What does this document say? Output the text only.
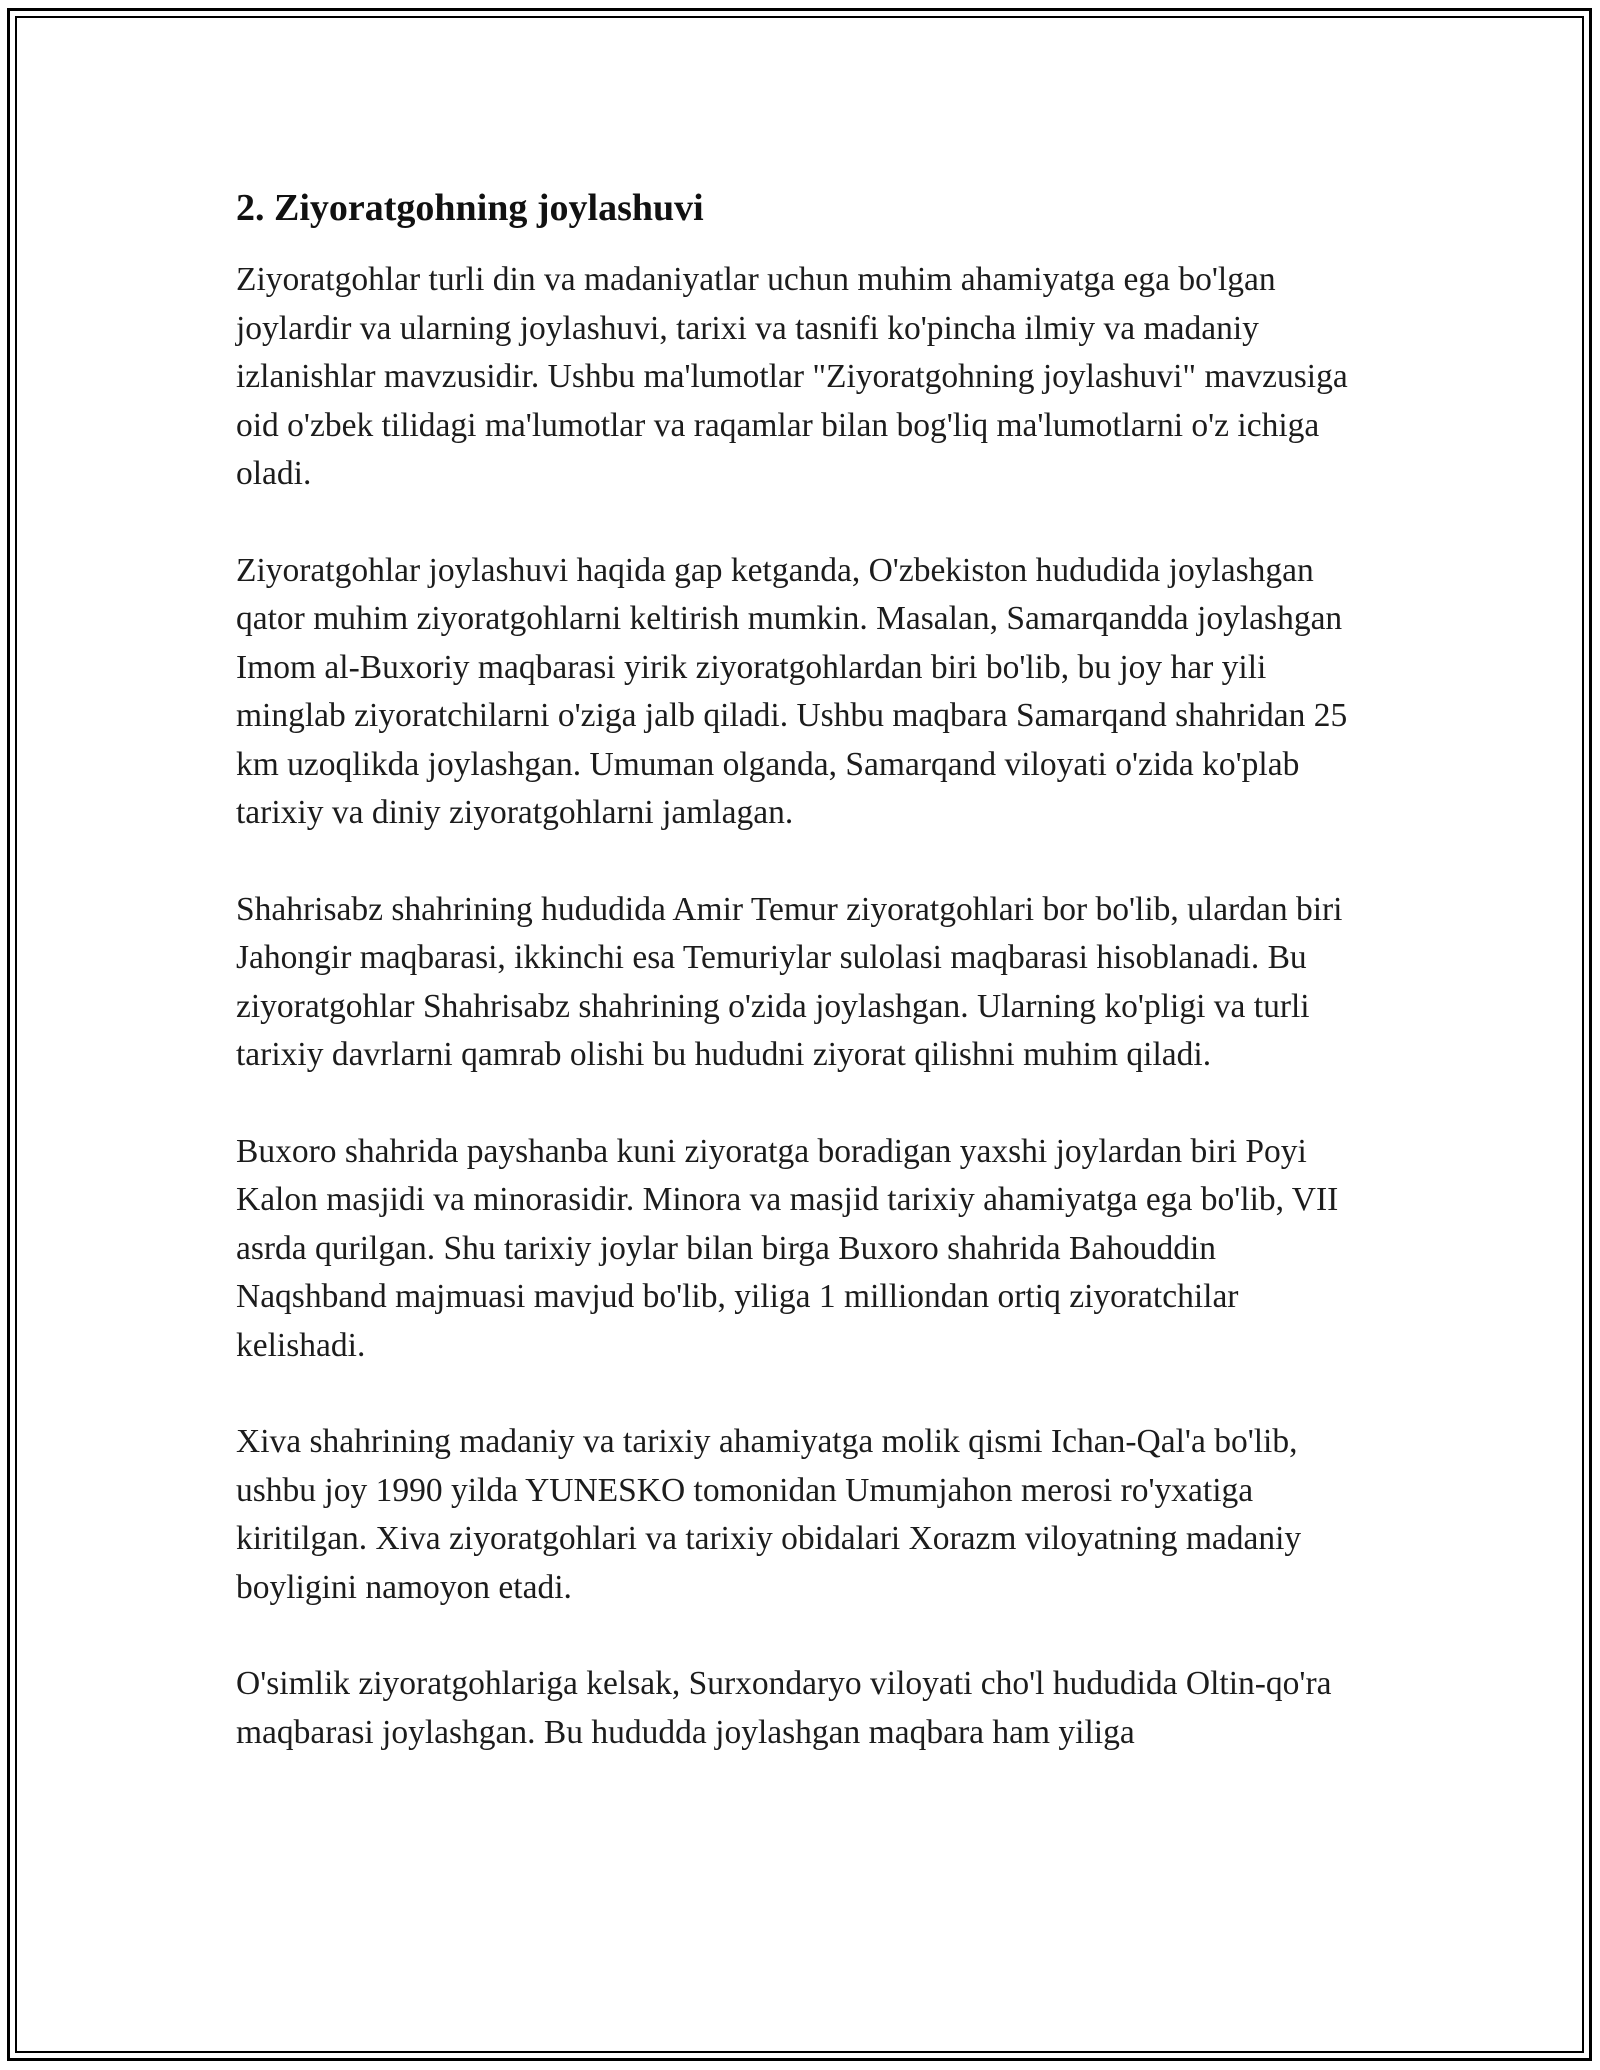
2. Ziyoratgohning joylashuvi

Ziyoratgohlar turli din va madaniyatlar uchun muhim ahamiyatga ega bo'lgan joylardir va ularning joylashuvi, tarixi va tasnifi ko'pincha ilmiy va madaniy izlanishlar mavzusidir. Ushbu ma'lumotlar "Ziyoratgohning joylashuvi" mavzusiga oid o'zbek tilidagi ma'lumotlar va raqamlar bilan bog'liq ma'lumotlarni o'z ichiga oladi.

Ziyoratgohlar joylashuvi haqida gap ketganda, O'zbekiston hududida joylashgan qator muhim ziyoratgohlarni keltirish mumkin. Masalan, Samarqandda joylashgan Imom al-Buxoriy maqbarasi yirik ziyoratgohlardan biri bo'lib, bu joy har yili minglab ziyoratchilarni o'ziga jalb qiladi. Ushbu maqbara Samarqand shahridan 25 km uzoqlikda joylashgan. Umuman olganda, Samarqand viloyati o'zida ko'plab tarixiy va diniy ziyoratgohlarni jamlagan.

Shahrisabz shahrining hududida Amir Temur ziyoratgohlari bor bo'lib, ulardan biri Jahongir maqbarasi, ikkinchi esa Temuriylar sulolasi maqbarasi hisoblanadi. Bu ziyoratgohlar Shahrisabz shahrining o'zida joylashgan. Ularning ko'pligi va turli tarixiy davrlarni qamrab olishi bu hududni ziyorat qilishni muhim qiladi.

Buxoro shahrida payshanba kuni ziyoratga boradigan yaxshi joylardan biri Poyi Kalon masjidi va minorasidir. Minora va masjid tarixiy ahamiyatga ega bo'lib, VII asrda qurilgan. Shu tarixiy joylar bilan birga Buxoro shahrida Bahouddin Naqshband majmuasi mavjud bo'lib, yiliga 1 milliondan ortiq ziyoratchilar kelishadi.

Xiva shahrining madaniy va tarixiy ahamiyatga molik qismi Ichan-Qal'a bo'lib, ushbu joy 1990 yilda YUNESKO tomonidan Umumjahon merosi ro'yxatiga kiritilgan. Xiva ziyoratgohlari va tarixiy obidalari Xorazm viloyatning madaniy boyligini namoyon etadi.

O'simlik ziyoratgohlariga kelsak, Surxondaryo viloyati cho'l hududida Oltin-qo'ra maqbarasi joylashgan. Bu hududda joylashgan maqbara ham yiliga
